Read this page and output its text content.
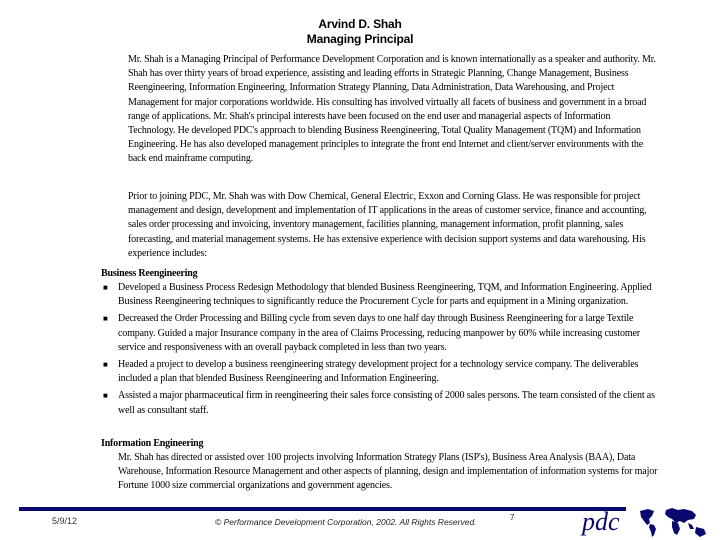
Arvind D. Shah
Managing Principal
Mr. Shah is a Managing Principal of Performance Development Corporation and is known internationally as a speaker and authority. Mr. Shah has over thirty years of broad experience, assisting and leading efforts in Strategic Planning, Change Management, Business Reengineering, Information Engineering, Information Strategy Planning, Data Administration, Data Warehousing, and Project Management for major corporations worldwide. His consulting has involved virtually all facets of business and government in a broad range of applications. Mr. Shah's principal interests have been focused on the end user and managerial aspects of Information Technology. He developed PDC's approach to blending Business Reengineering, Total Quality Management (TQM) and Information Engineering. He has also developed management principles to integrate the front end Internet and client/server environments with the back end mainframe computing.
Prior to joining PDC, Mr. Shah was with Dow Chemical, General Electric, Exxon and Corning Glass. He was responsible for project management and design, development and implementation of IT applications in the areas of customer service, finance and accounting, sales order processing and invoicing, inventory management, facilities planning, management information, profit planning, sales forecasting, and material management systems. He has extensive experience with decision support systems and data warehousing. His experience includes:
Business Reengineering
■ Developed a Business Process Redesign Methodology that blended Business Reengineering, TQM, and Information Engineering. Applied Business Reengineering techniques to significantly reduce the Procurement Cycle for parts and equipment in a Mining organization.
■ Decreased the Order Processing and Billing cycle from seven days to one half day through Business Reengineering for a large Textile company. Guided a major Insurance company in the area of Claims Processing, reducing manpower by 60% while increasing customer service and responsiveness with an overall payback completed in less than two years.
■ Headed a project to develop a business reengineering strategy development project for a technology service company. The deliverables included a plan that blended Business Reengineering and Information Engineering.
■ Assisted a major pharmaceutical firm in reengineering their sales force consisting of 2000 sales persons. The team consisted of the client as well as consultant staff.
Information Engineering
Mr. Shah has directed or assisted over 100 projects involving Information Strategy Plans (ISP's), Business Area Analysis (BAA), Data Warehouse, Information Resource Management and other aspects of planning, design and implementation of information systems for major Fortune 1000 size commercial organizations and government agencies.
5/9/12	© Performance Development Corporation, 2002. All Rights Reserved.	7	pdc
